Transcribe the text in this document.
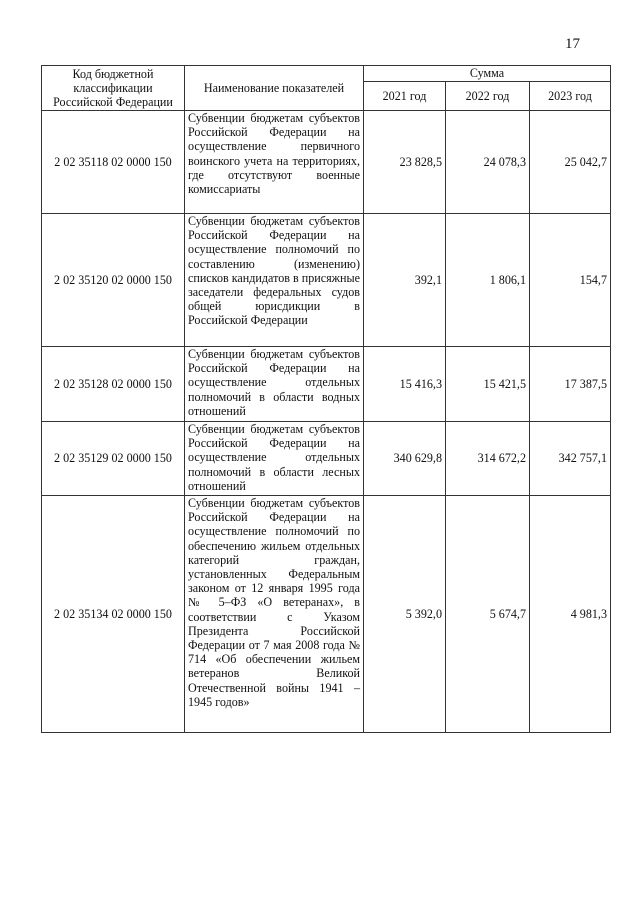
17
Код бюджетной классификации Российской Федерации	Наименование показателей	Сумма		
		2021 год	2022 год	2023 год
2 02 35118 02 0000 150	Субвенции бюджетам субъектов Российской Федерации на осуществление первичного воинского учета на территориях, где отсутствуют военные комиссариаты	23 828,5	24 078,3	25 042,7
2 02 35120 02 0000 150	Субвенции бюджетам субъектов Российской Федерации на осуществление полномочий по составлению (изменению) списков кандидатов в присяжные заседатели федеральных судов общей юрисдикции в Российской Федерации	392,1	1 806,1	154,7
2 02 35128 02 0000 150	Субвенции бюджетам субъектов Российской Федерации на осуществление отдельных полномочий в области водных отношений	15 416,3	15 421,5	17 387,5
2 02 35129 02 0000 150	Субвенции бюджетам субъектов Российской Федерации на осуществление отдельных полномочий в области лесных отношений	340 629,8	314 672,2	342 757,1
2 02 35134 02 0000 150	Субвенции бюджетам субъектов Российской Федерации на осуществление полномочий по обеспечению жильем отдельных категорий граждан, установленных Федеральным законом от 12 января 1995 года № 5–ФЗ «О ветеранах», в соответствии с Указом Президента Российской Федерации от 7 мая 2008 года № 714 «Об обеспечении жильем ветеранов Великой Отечественной войны 1941 – 1945 годов»	5 392,0	5 674,7	4 981,3
